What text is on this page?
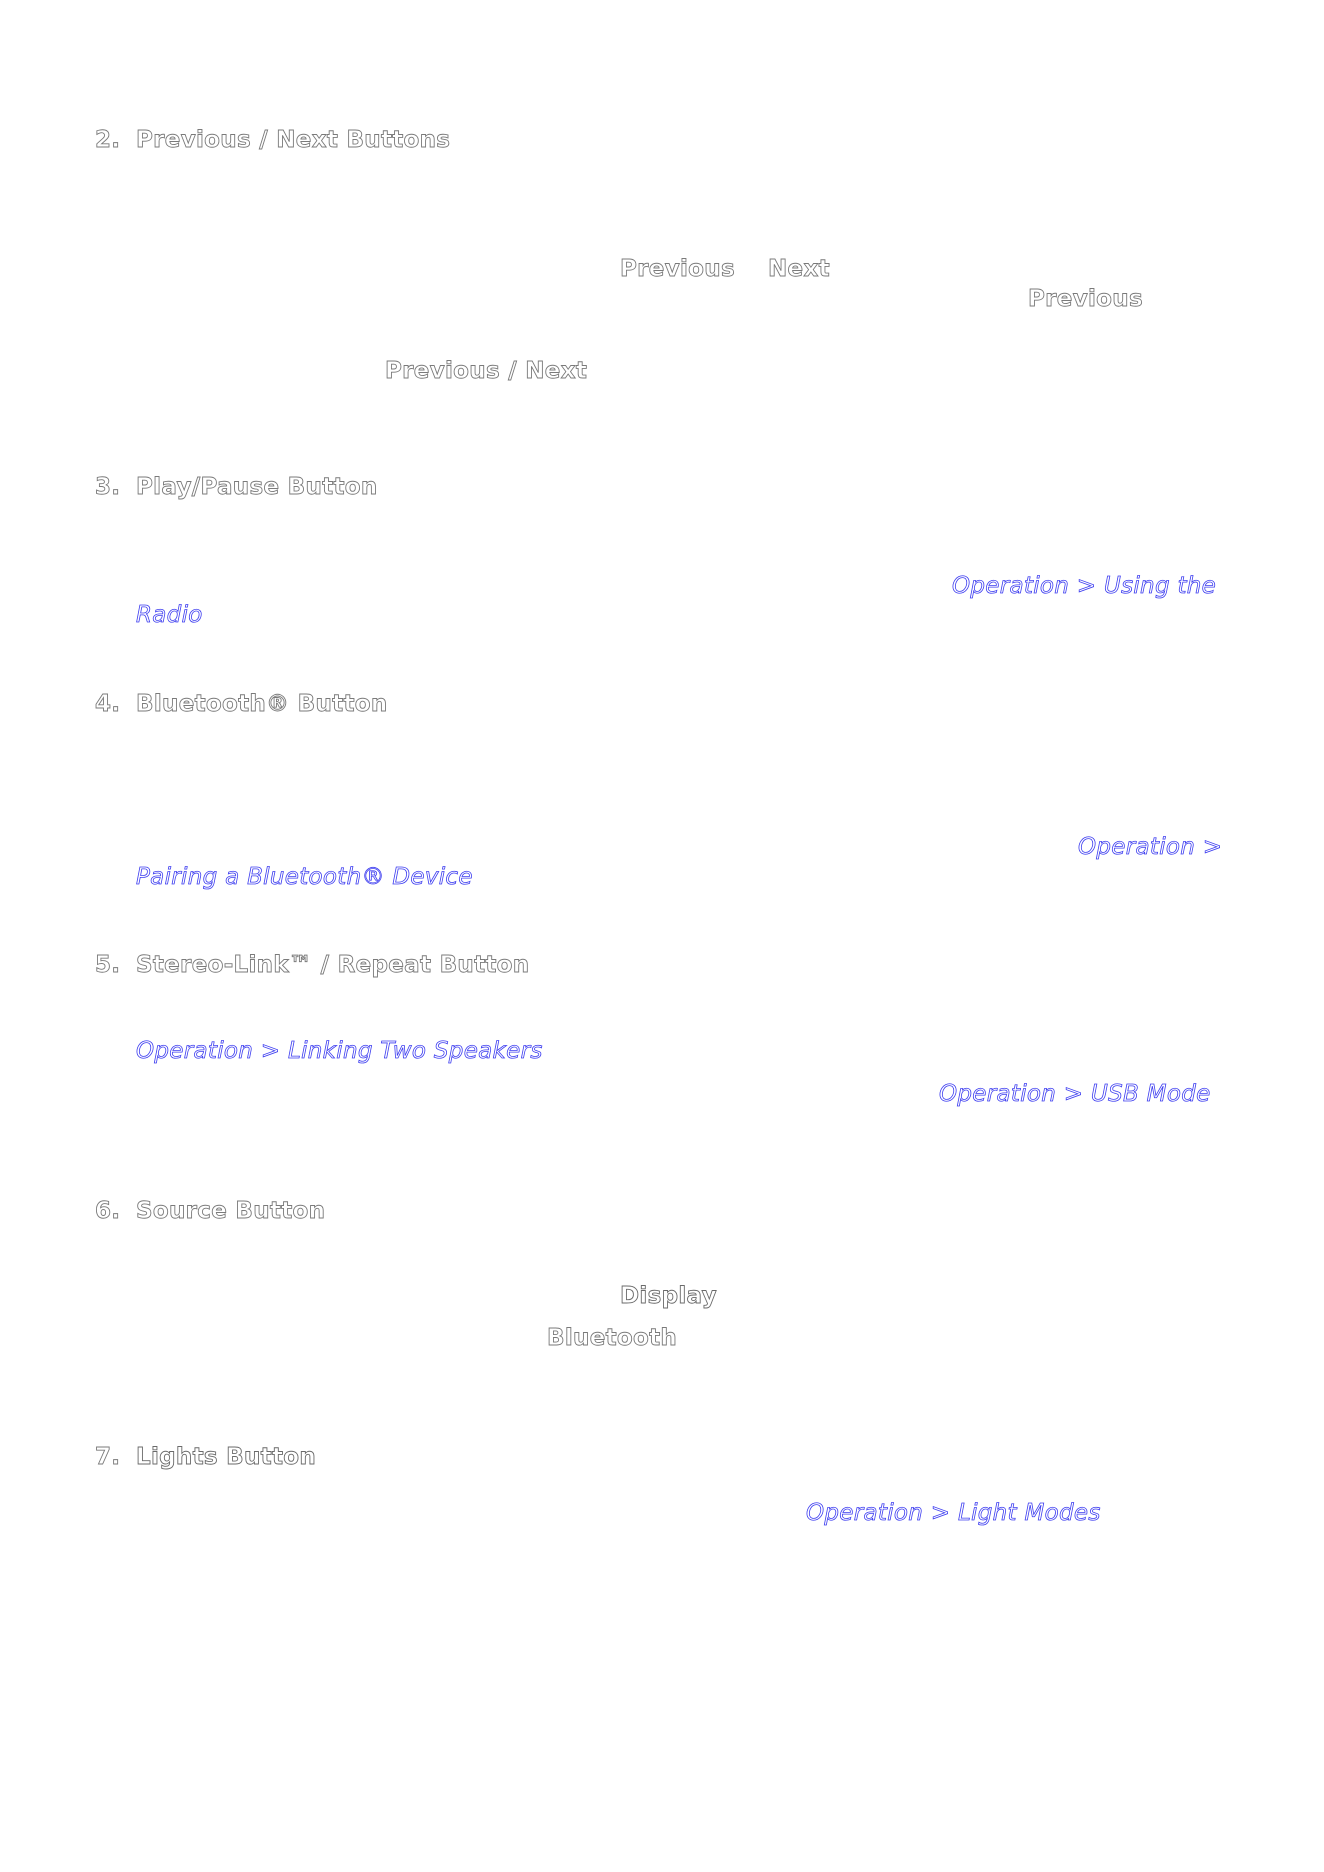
2. Previous / Next Buttons
Previous Next
Previous
Previous / Next
3. Play/Pause Button
Operation > Using the
Radio
4. Bluetooth® Button
Operation >
Pairing a Bluetooth® Device
5. Stereo-Link™ / Repeat Button
Operation > Linking Two Speakers
Operation > USB Mode
6. Source Button
Display
Bluetooth
7. Lights Button
Operation > Light Modes
